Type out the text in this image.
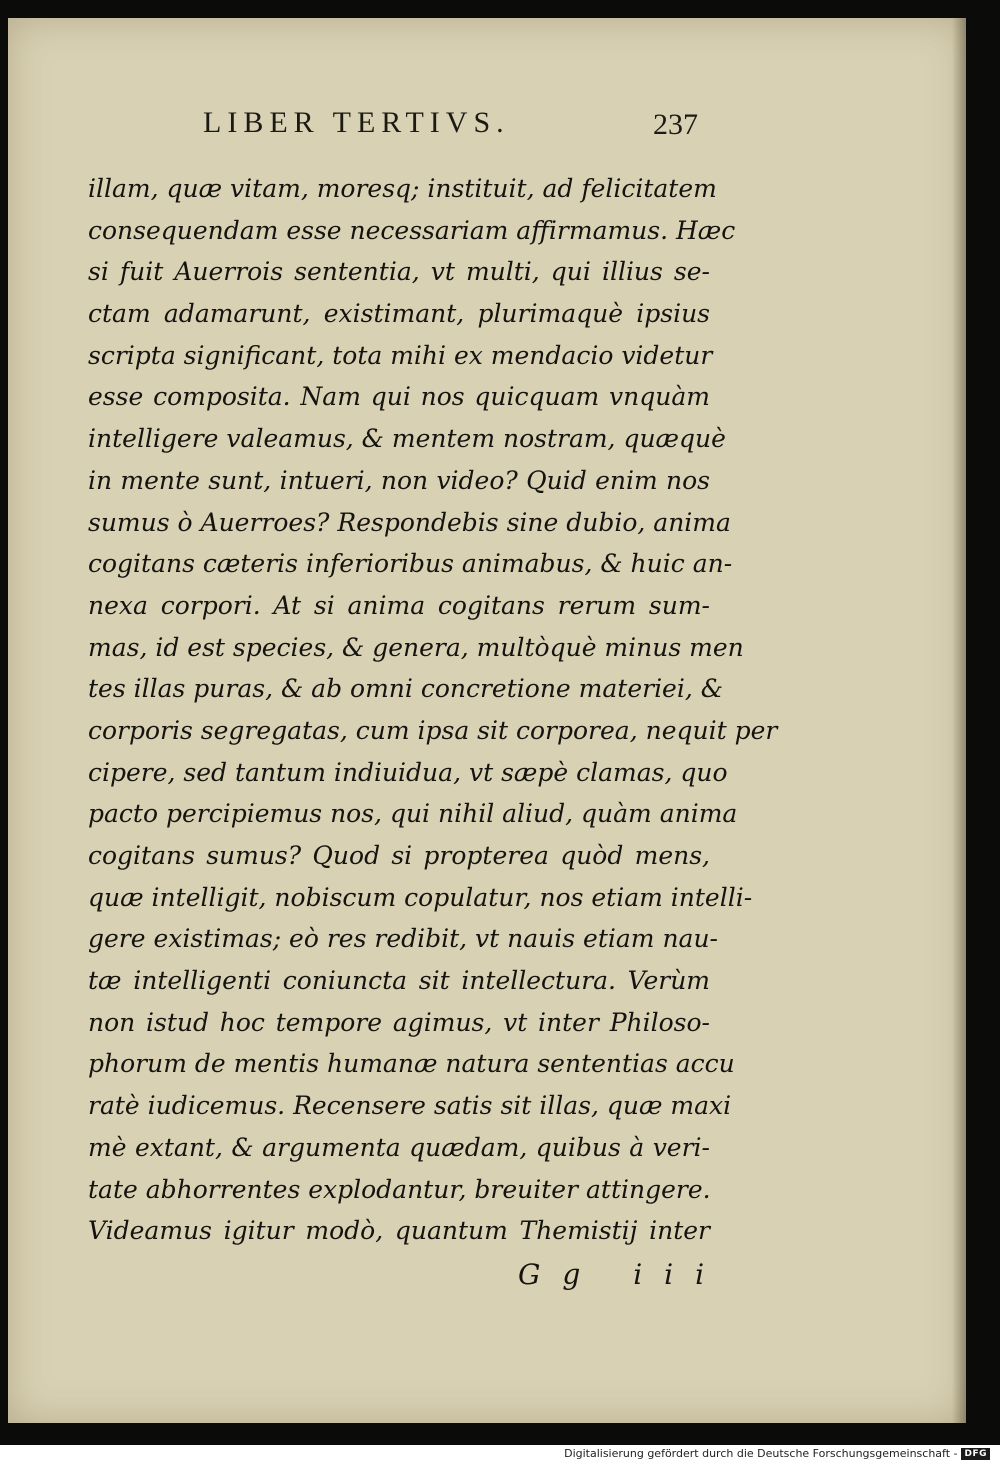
LIBER TERTIVS.	237
illam, quæ vitam, moresq; instituit, ad felicitatem
consequendam esse necessariam affirmamus. Hæc
si fuit Auerrois sententia, vt multi, qui illius se-
ctam adamarunt, existimant, plurimaquè ipsius
scripta significant, tota mihi ex mendacio videtur
esse composita. Nam qui nos quicquam vnquàm
intelligere valeamus, & mentem nostram, quæquè
in mente sunt, intueri, non video? Quid enim nos
sumus ò Auerroes? Respondebis sine dubio, anima
cogitans cæteris inferioribus animabus, & huic an-
nexa corpori. At si anima cogitans rerum sum-
mas, id est species, & genera, multòquè minus men
tes illas puras, & ab omni concretione materiei, &
corporis segregatas, cum ipsa sit corporea, nequit per
cipere, sed tantum indiuidua, vt sæpè clamas, quo
pacto percipiemus nos, qui nihil aliud, quàm anima
cogitans sumus? Quod si propterea quòd mens,
quæ intelligit, nobiscum copulatur, nos etiam intelli-
gere existimas; eò res redibit, vt nauis etiam nau-
tæ intelligenti coniuncta sit intellectura. Verùm
non istud hoc tempore agimus, vt inter Philoso-
phorum de mentis humanæ natura sententias accu
ratè iudicemus. Recensere satis sit illas, quæ maxi
mè extant, & argumenta quædam, quibus à veri-
tate abhorrentes explodantur, breuiter attingere.
Videamus igitur modò, quantum Themistij inter
Gg iii
Digitalisierung gefördert durch die Deutsche Forschungsgemeinschaft - DFG
